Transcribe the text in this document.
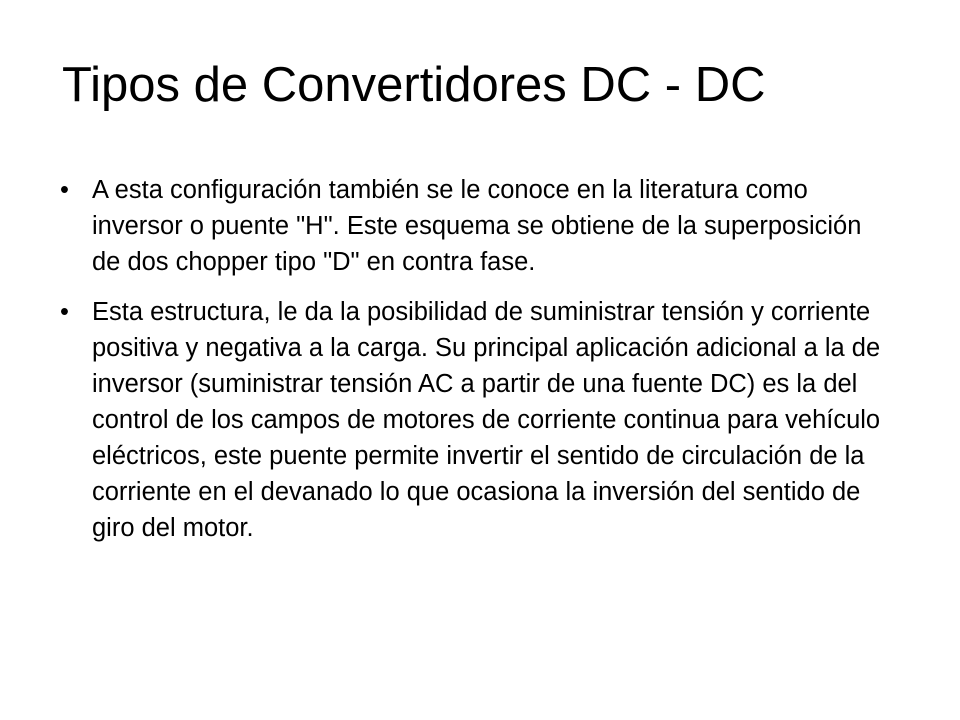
Tipos de Convertidores DC - DC
• A esta configuración también se le conoce en la literatura como inversor o puente "H". Este esquema se obtiene de la superposición de dos chopper tipo "D" en contra fase.
• Esta estructura, le da la posibilidad de suministrar tensión y corriente positiva y negativa a la carga. Su principal aplicación adicional a la de inversor (suministrar tensión AC a partir de una fuente DC) es la del control de los campos de motores de corriente continua para vehículo eléctricos, este puente permite invertir el sentido de circulación de la corriente en el devanado lo que ocasiona la inversión del sentido de giro del motor.
